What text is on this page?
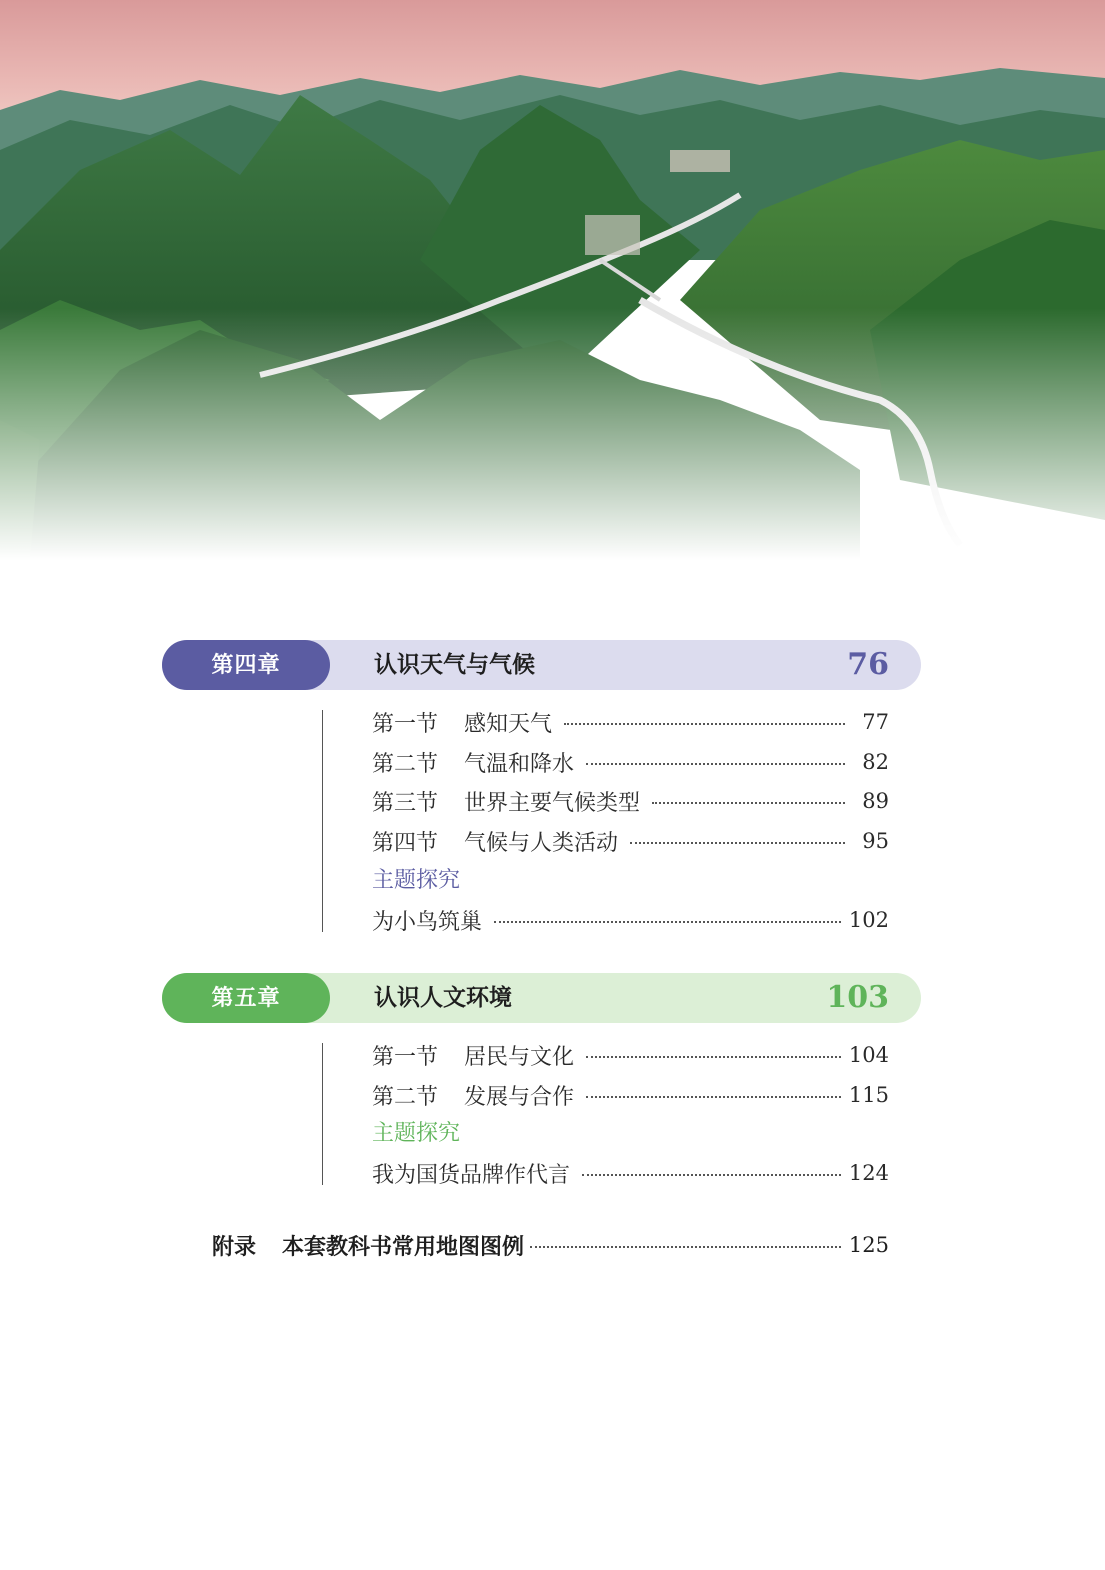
第四章	认识天气与气候	76
第一节 感知天气	77
第二节 气温和降水	82
第三节 世界主要气候类型	89
第四节 气候与人类活动	95
主题探究
为小鸟筑巢	102
第五章	认识人文环境	103
第一节 居民与文化	104
第二节 发展与合作	115
主题探究
我为国货品牌作代言	124
附录 本套教科书常用地图图例	125
